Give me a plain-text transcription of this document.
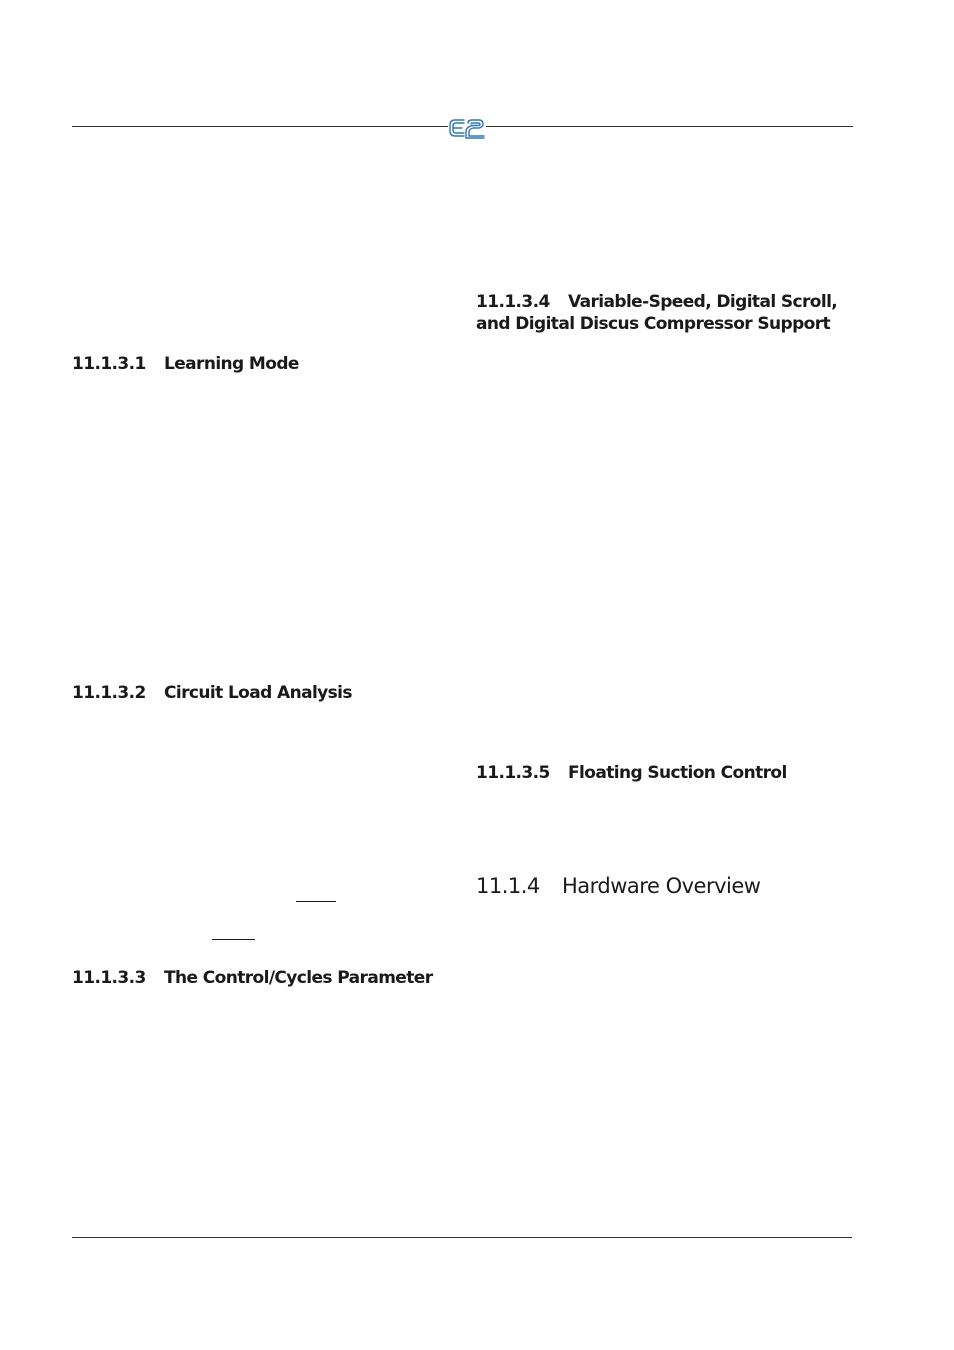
11.1.3.1 Learning Mode
11.1.3.2 Circuit Load Analysis
11.1.3.3 The Control/Cycles Parameter
11.1.3.4 Variable-Speed, Digital Scroll,
and Digital Discus Compressor Support
11.1.3.5 Floating Suction Control
11.1.4 Hardware Overview
